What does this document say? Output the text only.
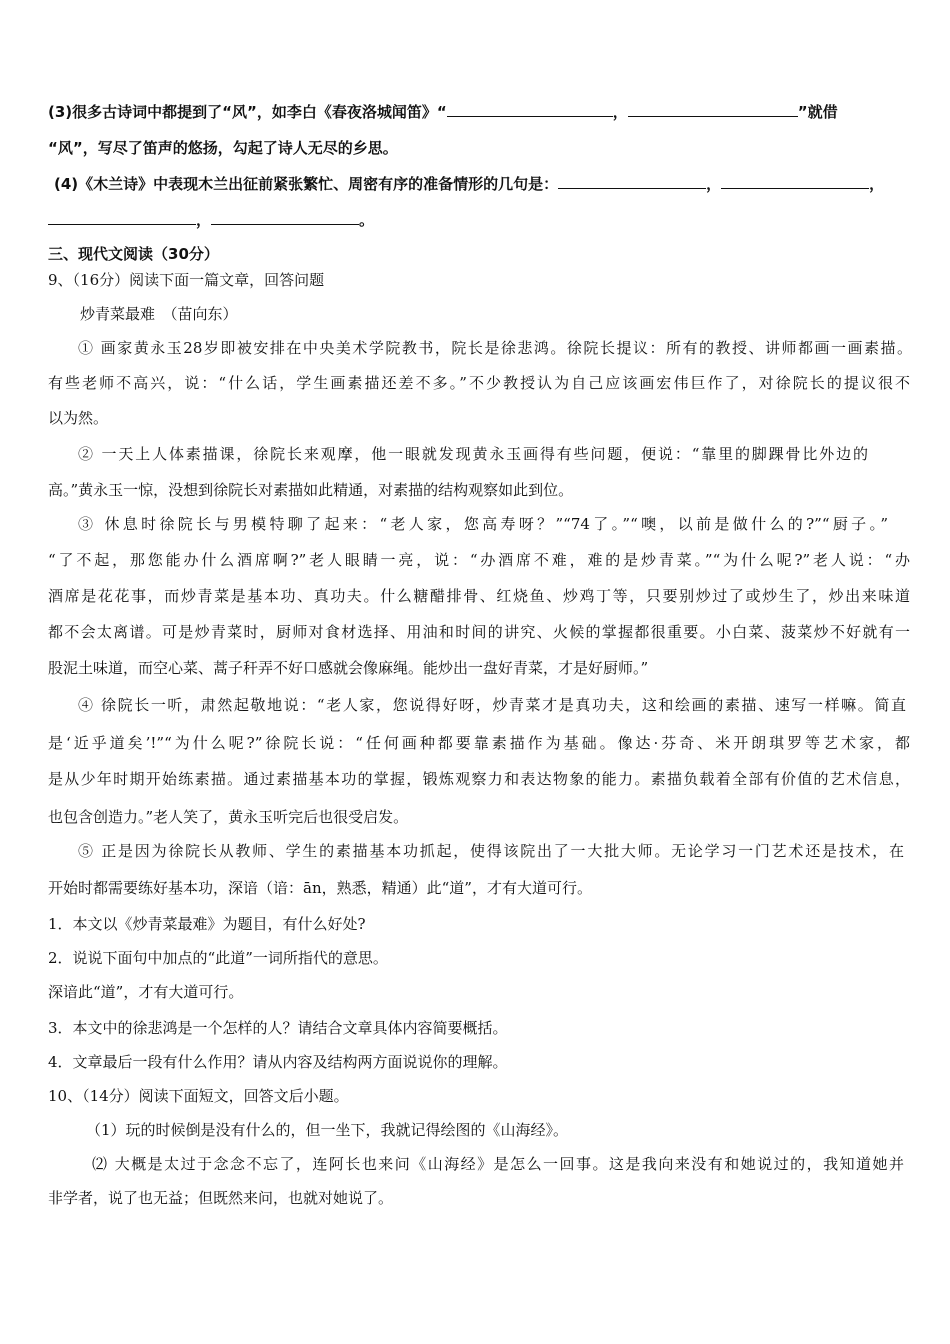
(3)很多古诗词中都提到了“风”，如李白《春夜洛城闻笛》“	，	”就借
“风”，写尽了笛声的悠扬，勾起了诗人无尽的乡思。
(4)《木兰诗》中表现木兰出征前紧张繁忙、周密有序的准备情形的几句是：	，	，
，	。
三、现代文阅读（30分）
9、（16分）阅读下面一篇文章，回答问题
炒青菜最难　（苗向东）
① 画家黄永玉28岁即被安排在中央美术学院教书，院长是徐悲鸿。徐院长提议：所有的教授、讲师都画一画素描。
有些老师不高兴，说：“什么话，学生画素描还差不多。”不少教授认为自己应该画宏伟巨作了，对徐院长的提议很不
以为然。
② 一天上人体素描课，徐院长来观摩，他一眼就发现黄永玉画得有些问题，便说：“靠里的脚踝骨比外边的
高。”黄永玉一惊，没想到徐院长对素描如此精通，对素描的结构观察如此到位。
③ 休息时徐院长与男模特聊了起来：“老人家，您高寿呀？”“74了。”“噢，以前是做什么的?”“厨子。”
“了不起，那您能办什么酒席啊?”老人眼睛一亮，说：“办酒席不难，难的是炒青菜。”“为什么呢?”老人说：“办
酒席是花花事，而炒青菜是基本功、真功夫。什么糖醋排骨、红烧鱼、炒鸡丁等，只要别炒过了或炒生了，炒出来味道
都不会太离谱。可是炒青菜时，厨师对食材选择、用油和时间的讲究、火候的掌握都很重要。小白菜、菠菜炒不好就有一
股泥土味道，而空心菜、蒿子秆弄不好口感就会像麻绳。能炒出一盘好青菜，才是好厨师。”
④ 徐院长一听，肃然起敬地说：“老人家，您说得好呀，炒青菜才是真功夫，这和绘画的素描、速写一样嘛。简直
是‘近乎道矣’!”“为什么呢?”徐院长说：“任何画种都要靠素描作为基础。像达·芬奇、米开朗琪罗等艺术家，都
是从少年时期开始练素描。通过素描基本功的掌握，锻炼观察力和表达物象的能力。素描负载着全部有价值的艺术信息，
也包含创造力。”老人笑了，黄永玉听完后也很受启发。
⑤ 正是因为徐院长从教师、学生的素描基本功抓起，使得该院出了一大批大师。无论学习一门艺术还是技术，在
开始时都需要练好基本功，深谙（谙：ān，熟悉，精通）此“道”，才有大道可行。
1．本文以《炒青菜最难》为题目，有什么好处?
2．说说下面句中加点的“此道”一词所指代的意思。
深谙此“道”，才有大道可行。
3．本文中的徐悲鸿是一个怎样的人？请结合文章具体内容简要概括。
4．文章最后一段有什么作用？请从内容及结构两方面说说你的理解。
10、（14分）阅读下面短文，回答文后小题。
（1）玩的时候倒是没有什么的，但一坐下，我就记得绘图的《山海经》。
⑵ 大概是太过于念念不忘了，连阿长也来问《山海经》是怎么一回事。这是我向来没有和她说过的，我知道她并
非学者，说了也无益；但既然来问，也就对她说了。
